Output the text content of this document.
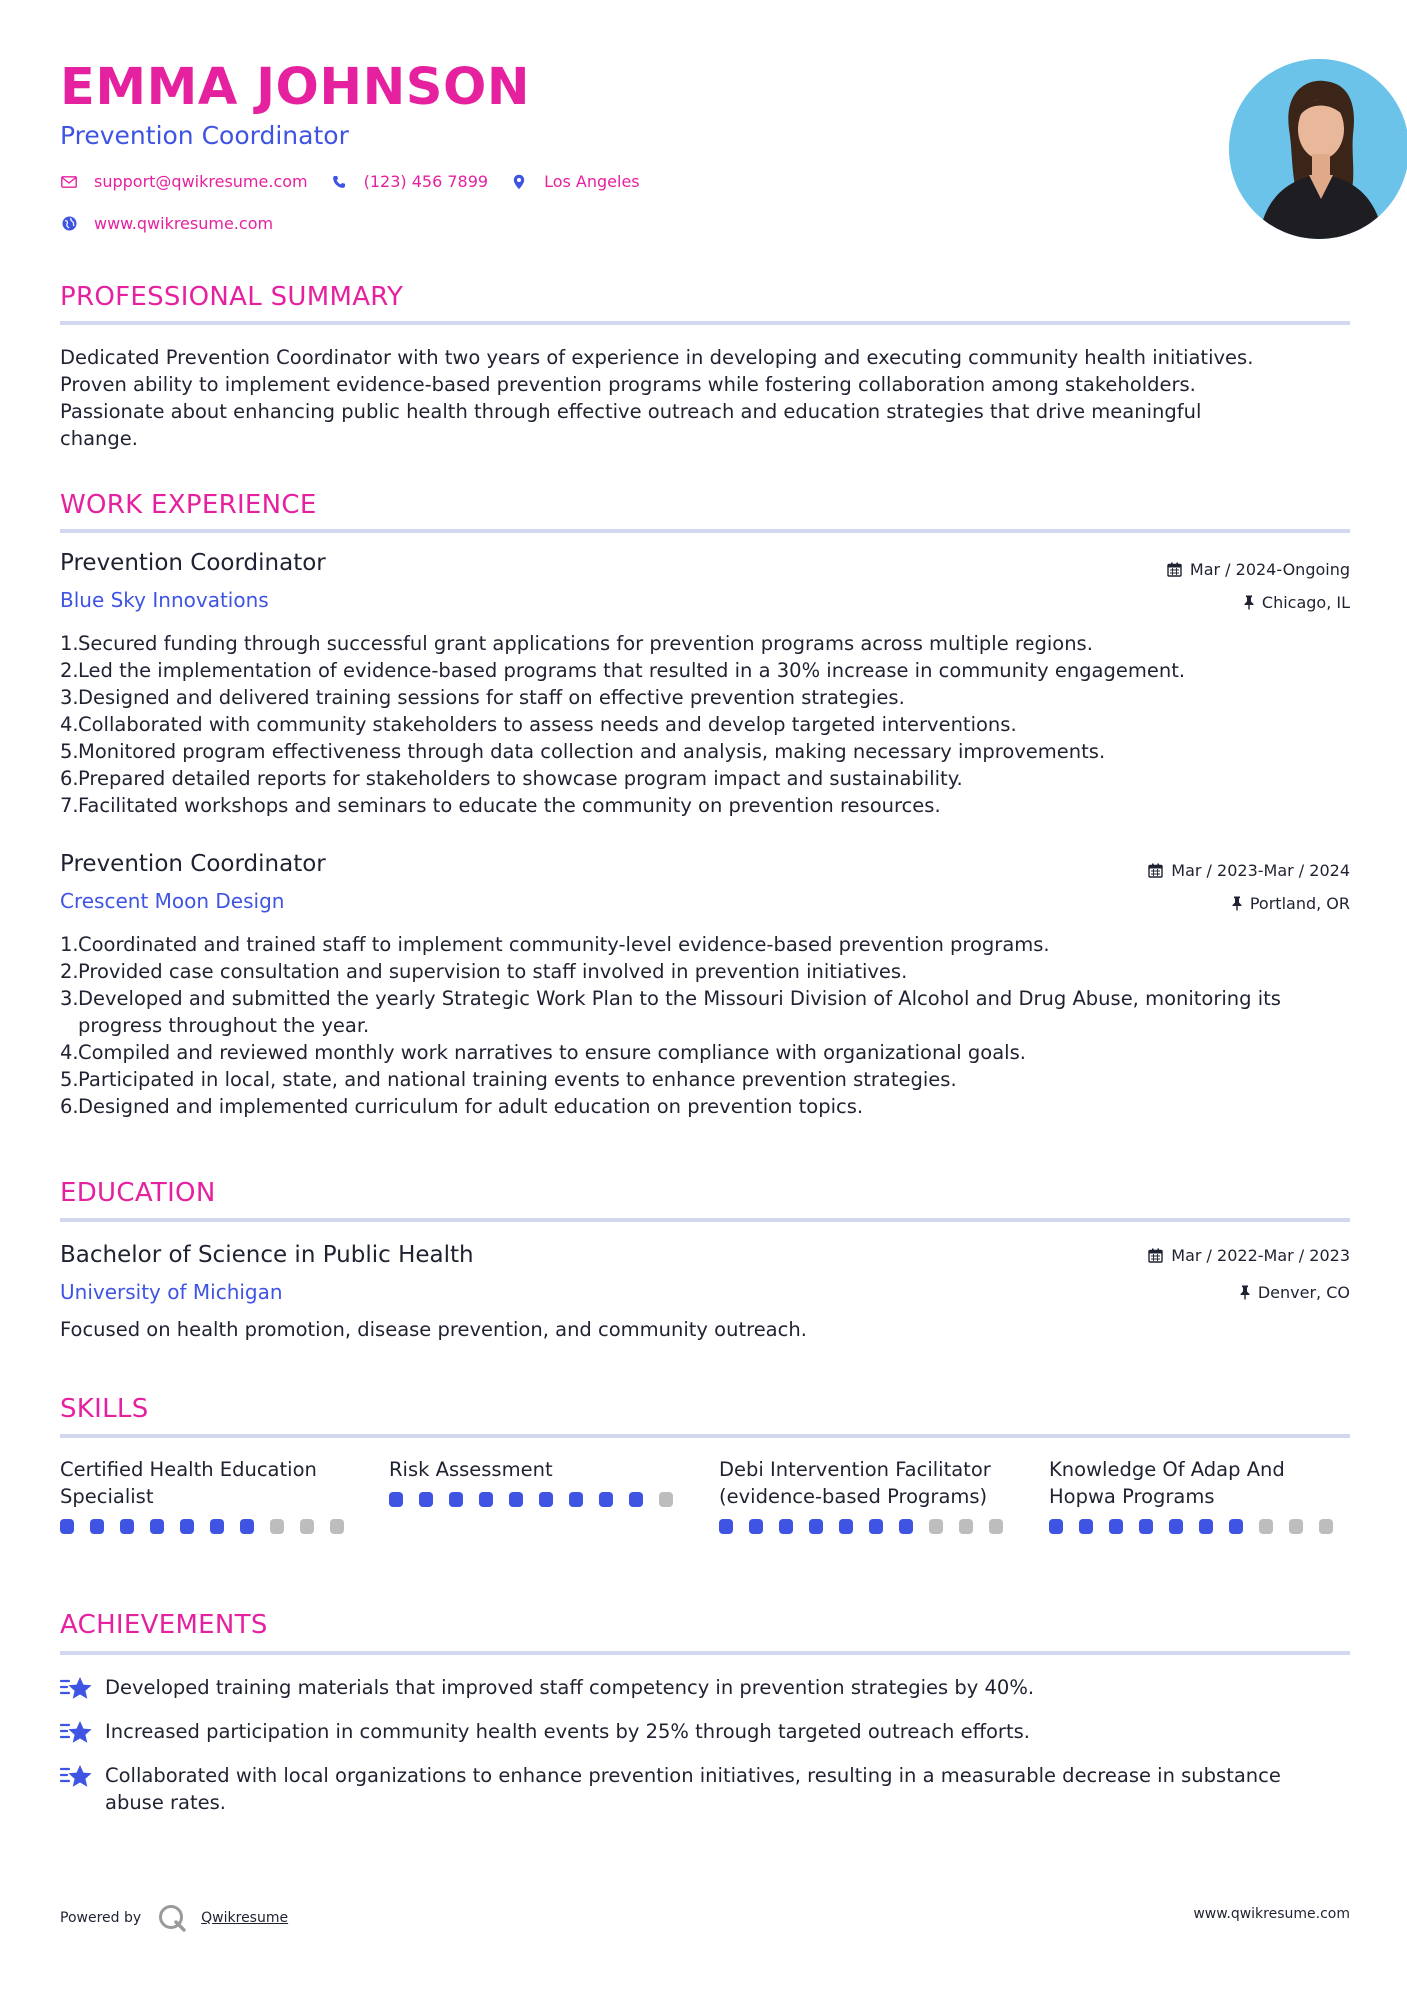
EMMA JOHNSON
Prevention Coordinator
support@qwikresume.com	(123) 456 7899	Los Angeles
www.qwikresume.com
PROFESSIONAL SUMMARY
Dedicated Prevention Coordinator with two years of experience in developing and executing community health initiatives.
Proven ability to implement evidence-based prevention programs while fostering collaboration among stakeholders.
Passionate about enhancing public health through effective outreach and education strategies that drive meaningful
change.
WORK EXPERIENCE
Prevention Coordinator	Mar / 2024-Ongoing
Blue Sky Innovations	Chicago, IL
1. Secured funding through successful grant applications for prevention programs across multiple regions.
2. Led the implementation of evidence-based programs that resulted in a 30% increase in community engagement.
3. Designed and delivered training sessions for staff on effective prevention strategies.
4. Collaborated with community stakeholders to assess needs and develop targeted interventions.
5. Monitored program effectiveness through data collection and analysis, making necessary improvements.
6. Prepared detailed reports for stakeholders to showcase program impact and sustainability.
7. Facilitated workshops and seminars to educate the community on prevention resources.
Prevention Coordinator	Mar / 2023-Mar / 2024
Crescent Moon Design	Portland, OR
1. Coordinated and trained staff to implement community-level evidence-based prevention programs.
2. Provided case consultation and supervision to staff involved in prevention initiatives.
3. Developed and submitted the yearly Strategic Work Plan to the Missouri Division of Alcohol and Drug Abuse, monitoring its progress throughout the year.
4. Compiled and reviewed monthly work narratives to ensure compliance with organizational goals.
5. Participated in local, state, and national training events to enhance prevention strategies.
6. Designed and implemented curriculum for adult education on prevention topics.
EDUCATION
Bachelor of Science in Public Health	Mar / 2022-Mar / 2023
University of Michigan	Denver, CO
Focused on health promotion, disease prevention, and community outreach.
SKILLS
Certified Health Education Specialist
Risk Assessment	Debi Intervention Facilitator (evidence-based Programs)
Knowledge Of Adap And Hopwa Programs
ACHIEVEMENTS
Developed training materials that improved staff competency in prevention strategies by 40%.
Increased participation in community health events by 25% through targeted outreach efforts.
Collaborated with local organizations to enhance prevention initiatives, resulting in a measurable decrease in substance abuse rates.
Powered by	Qwikresume	www.qwikresume.com
